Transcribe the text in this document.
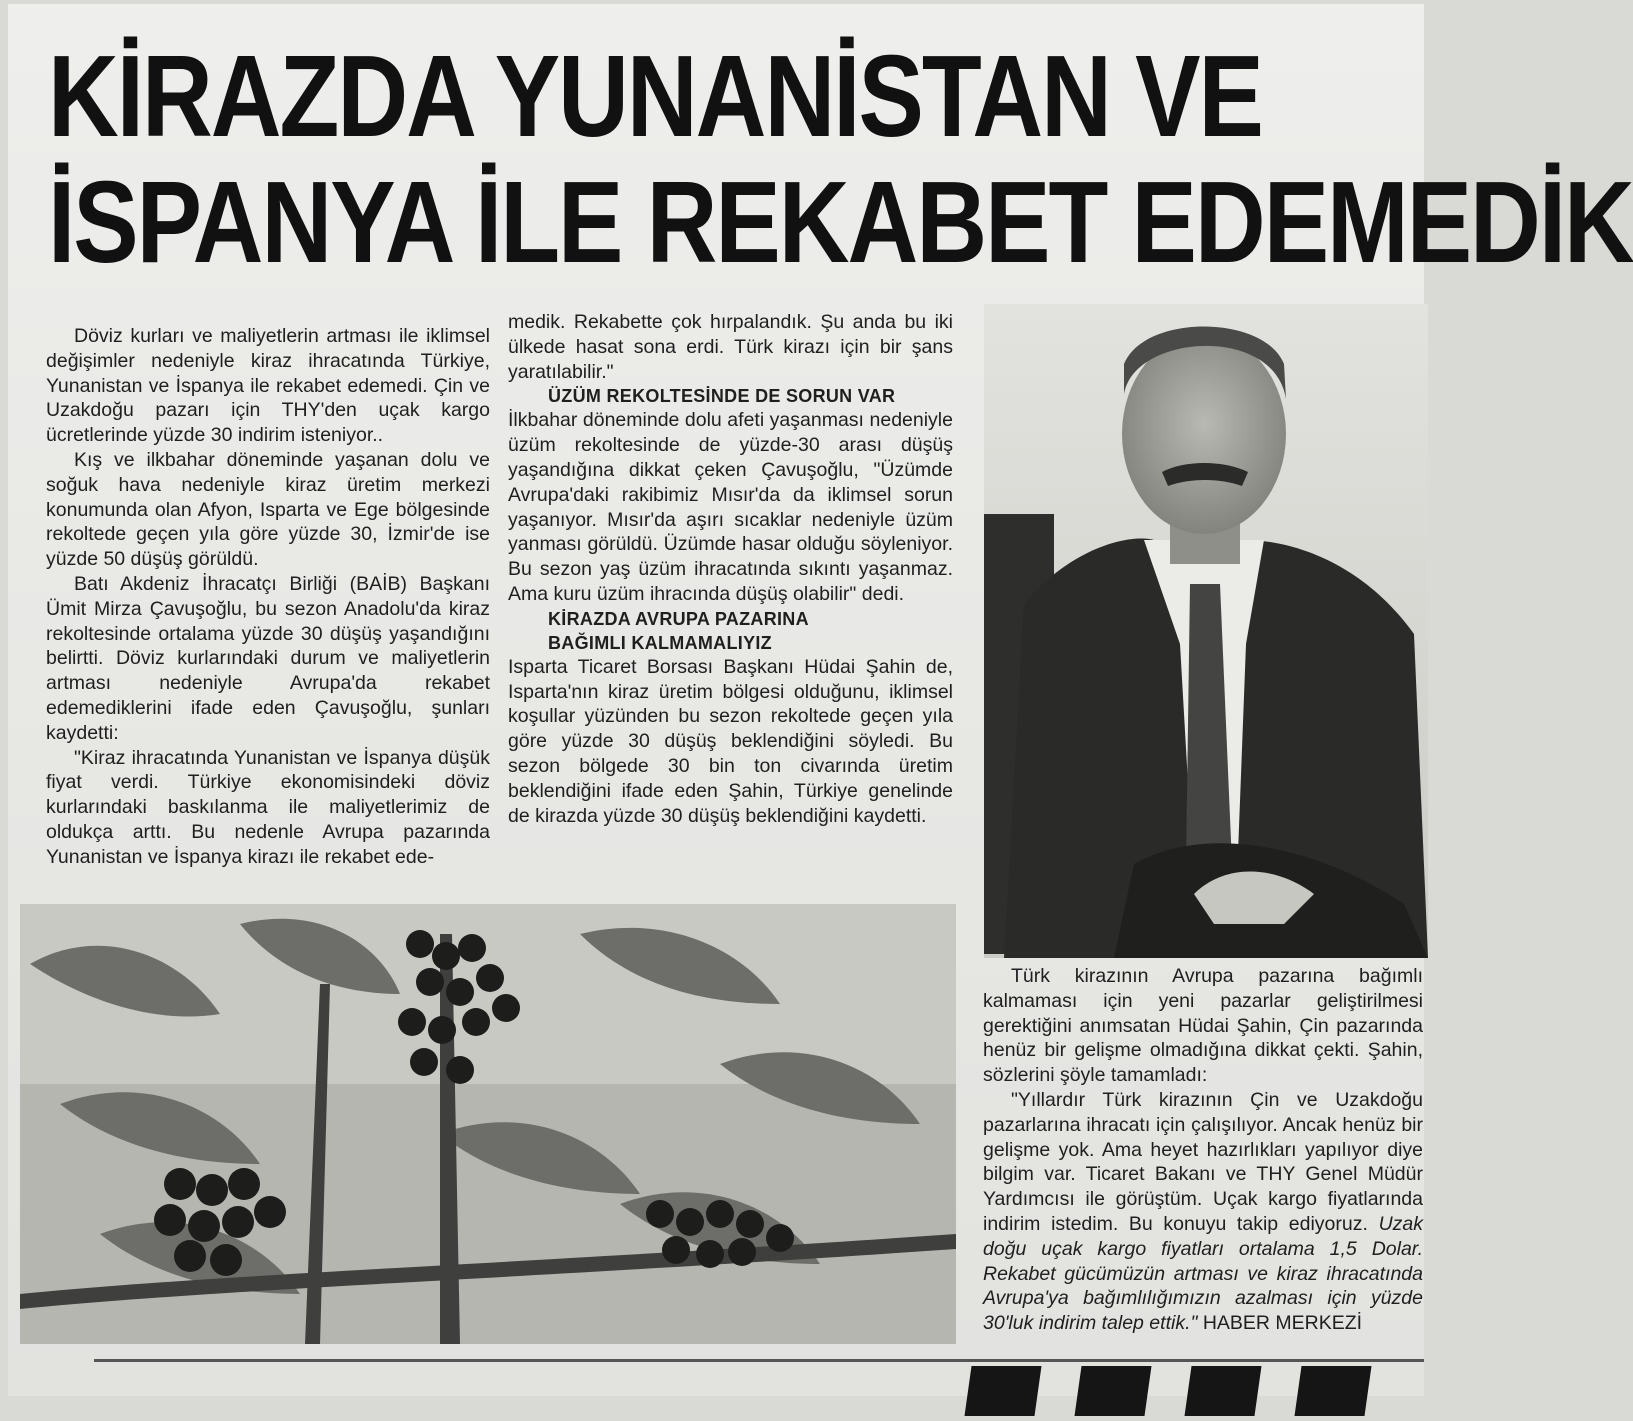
KİRAZDA YUNANİSTAN VE
İSPANYA İLE REKABET EDEMEDİK

Döviz kurları ve maliyetlerin artması ile iklimsel değişimler nedeniyle kiraz ihracatında Türkiye, Yunanistan ve İspanya ile rekabet edemedi. Çin ve Uzakdoğu pazarı için THY'den uçak kargo ücretlerinde yüzde 30 indirim isteniyor..

Kış ve ilkbahar döneminde yaşanan dolu ve soğuk hava nedeniyle kiraz üretim merkezi konumunda olan Afyon, Isparta ve Ege bölgesinde rekoltede geçen yıla göre yüzde 30, İzmir'de ise yüzde 50 düşüş görüldü.

Batı Akdeniz İhracatçı Birliği (BAİB) Başkanı Ümit Mirza Çavuşoğlu, bu sezon Anadolu'da kiraz rekoltesinde ortalama yüzde 30 düşüş yaşandığını belirtti. Döviz kurlarındaki durum ve maliyetlerin artması nedeniyle Avrupa'da rekabet edemediklerini ifade eden Çavuşoğlu, şunları kaydetti:

"Kiraz ihracatında Yunanistan ve İspanya düşük fiyat verdi. Türkiye ekonomisindeki döviz kurlarındaki baskılanma ile maliyetlerimiz de oldukça arttı. Bu nedenle Avrupa pazarında Yunanistan ve İspanya kirazı ile rekabet ede-

medik. Rekabette çok hırpalandık. Şu anda bu iki ülkede hasat sona erdi. Türk kirazı için bir şans yaratılabilir."

ÜZÜM REKOLTESİNDE DE SORUN VAR

İlkbahar döneminde dolu afeti yaşanması nedeniyle üzüm rekoltesinde de yüzde-30 arası düşüş yaşandığına dikkat çeken Çavuşoğlu, "Üzümde Avrupa'daki rakibimiz Mısır'da da iklimsel sorun yaşanıyor. Mısır'da aşırı sıcaklar nedeniyle üzüm yanması görüldü. Üzümde hasar olduğu söyleniyor. Bu sezon yaş üzüm ihracatında sıkıntı yaşanmaz. Ama kuru üzüm ihracında düşüş olabilir" dedi.

KİRAZDA AVRUPA PAZARINA

BAĞIMLI KALMAMALIYIZ

Isparta Ticaret Borsası Başkanı Hüdai Şahin de, Isparta'nın kiraz üretim bölgesi olduğunu, iklimsel koşullar yüzünden bu sezon rekoltede geçen yıla göre yüzde 30 düşüş beklendiğini söyledi. Bu sezon bölgede 30 bin ton civarında üretim beklendiğini ifade eden Şahin, Türkiye genelinde de kirazda yüzde 30 düşüş beklendiğini kaydetti.

Türk kirazının Avrupa pazarına bağımlı kalmaması için yeni pazarlar geliştirilmesi gerektiğini anımsatan Hüdai Şahin, Çin pazarında henüz bir gelişme olmadığına dikkat çekti. Şahin, sözlerini şöyle tamamladı:

"Yıllardır Türk kirazının Çin ve Uzakdoğu pazarlarına ihracatı için çalışılıyor. Ancak henüz bir gelişme yok. Ama heyet hazırlıkları yapılıyor diye bilgim var. Ticaret Bakanı ve THY Genel Müdür Yardımcısı ile görüştüm. Uçak kargo fiyatlarında indirim istedim. Bu konuyu takip ediyoruz. Uzak doğu uçak kargo fiyatları ortalama 1,5 Dolar. Rekabet gücümüzün artması ve kiraz ihracatında Avrupa'ya bağımlılığımızın azalması için yüzde 30'luk indirim talep ettik." HABER MERKEZİ
